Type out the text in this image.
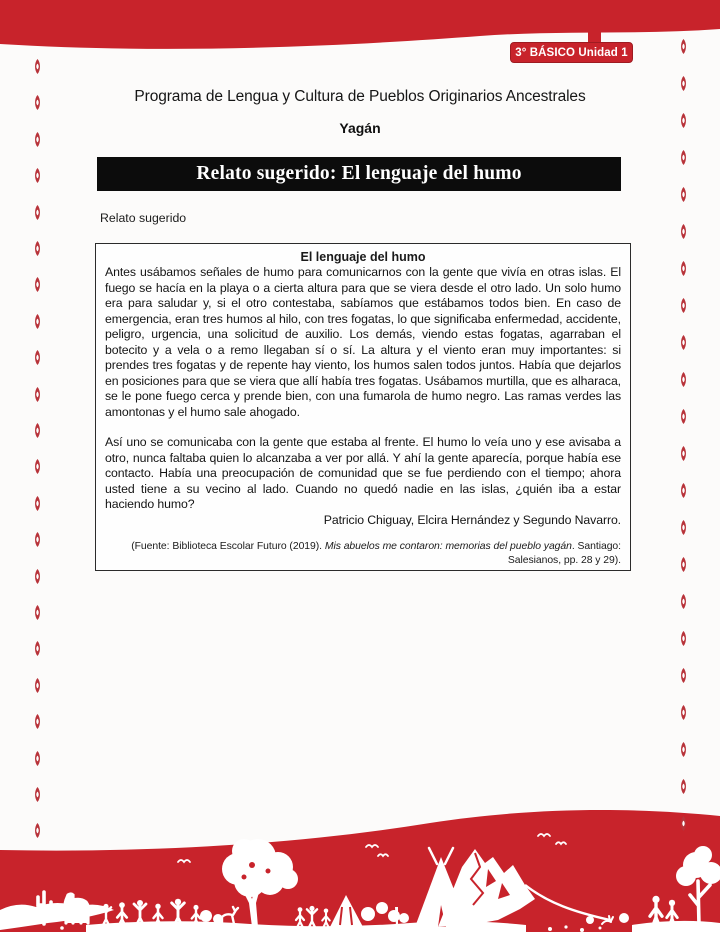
3° BÁSICO Unidad 1
Programa de Lengua y Cultura de Pueblos Originarios Ancestrales
Yagán
Relato sugerido: El lenguaje del humo
Relato sugerido

El lenguaje del humo

Antes usábamos señales de humo para comunicarnos con la gente que vivía en otras islas. El fuego se hacía en la playa o a cierta altura para que se viera desde el otro lado. Un solo humo era para saludar y, si el otro contestaba, sabíamos que estábamos todos bien. En caso de emergencia, eran tres humos al hilo, con tres fogatas, lo que significaba enfermedad, accidente, peligro, urgencia, una solicitud de auxilio. Los demás, viendo estas fogatas, agarraban el botecito y a vela o a remo llegaban sí o sí. La altura y el viento eran muy importantes: si prendes tres fogatas y de repente hay viento, los humos salen todos juntos. Había que dejarlos en posiciones para que se viera que allí había tres fogatas. Usábamos murtilla, que es alharaca, se le pone fuego cerca y prende bien, con una fumarola de humo negro. Las ramas verdes las amontonas y el humo sale ahogado.

Así uno se comunicaba con la gente que estaba al frente. El humo lo veía uno y ese avisaba a otro, nunca faltaba quien lo alcanzaba a ver por allá. Y ahí la gente aparecía, porque había ese contacto. Había una preocupación de comunidad que se fue perdiendo con el tiempo; ahora usted tiene a su vecino al lado. Cuando no quedó nadie en las islas, ¿quién iba a estar haciendo humo?

Patricio Chiguay, Elcira Hernández y Segundo Navarro.

(Fuente: Biblioteca Escolar Futuro (2019). Mis abuelos me contaron: memorias del pueblo yagán. Santiago: Salesianos, pp. 28 y 29).
